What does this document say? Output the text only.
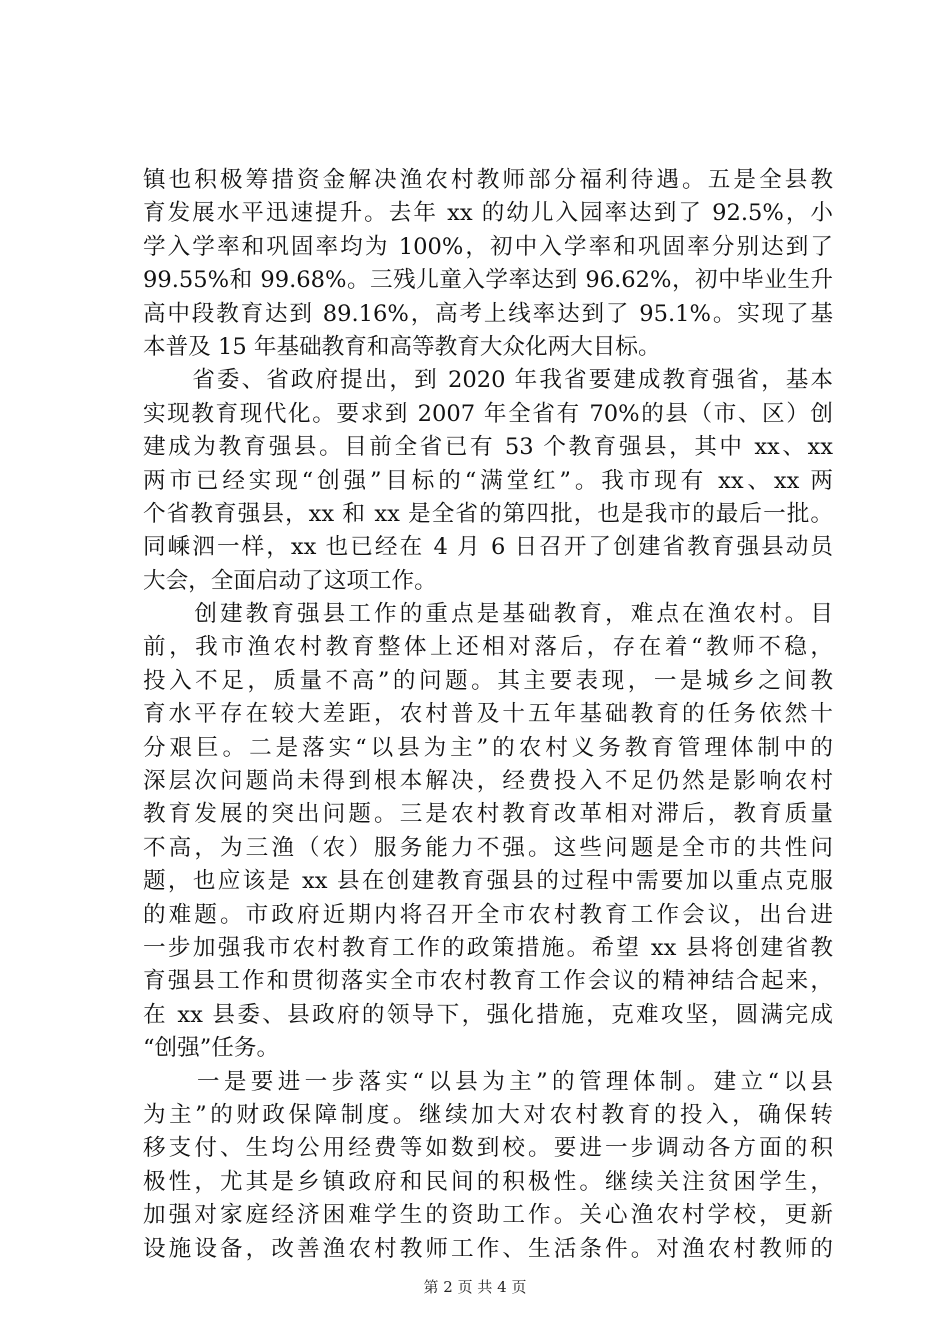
镇也积极筹措资金解决渔农村教师部分福利待遇。五是全县教
育发展水平迅速提升。去年 xx 的幼儿入园率达到了 92.5%，小
学入学率和巩固率均为 100%，初中入学率和巩固率分别达到了
99.55%和 99.68%。三残儿童入学率达到 96.62%，初中毕业生升
高中段教育达到 89.16%，高考上线率达到了 95.1%。实现了基
本普及 15 年基础教育和高等教育大众化两大目标。
　　省委、省政府提出，到 2020 年我省要建成教育强省，基本
实现教育现代化。要求到 2007 年全省有 70%的县（市、区）创
建成为教育强县。目前全省已有 53 个教育强县，其中 xx、xx
两市已经实现“创强”目标的“满堂红”。我市现有 xx、xx 两
个省教育强县，xx 和 xx 是全省的第四批，也是我市的最后一批。
同嵊泗一样，xx 也已经在 4 月 6 日召开了创建省教育强县动员
大会，全面启动了这项工作。
　　创建教育强县工作的重点是基础教育，难点在渔农村。目
前，我市渔农村教育整体上还相对落后，存在着“教师不稳，
投入不足，质量不高”的问题。其主要表现，一是城乡之间教
育水平存在较大差距，农村普及十五年基础教育的任务依然十
分艰巨。二是落实“以县为主”的农村义务教育管理体制中的
深层次问题尚未得到根本解决，经费投入不足仍然是影响农村
教育发展的突出问题。三是农村教育改革相对滞后，教育质量
不高，为三渔（农）服务能力不强。这些问题是全市的共性问
题，也应该是 xx 县在创建教育强县的过程中需要加以重点克服
的难题。市政府近期内将召开全市农村教育工作会议，出台进
一步加强我市农村教育工作的政策措施。希望 xx 县将创建省教
育强县工作和贯彻落实全市农村教育工作会议的精神结合起来，
在 xx 县委、县政府的领导下，强化措施，克难攻坚，圆满完成
“创强”任务。
　　一是要进一步落实“以县为主”的管理体制。建立“以县
为主”的财政保障制度。继续加大对农村教育的投入，确保转
移支付、生均公用经费等如数到校。要进一步调动各方面的积
极性，尤其是乡镇政府和民间的积极性。继续关注贫困学生，
加强对家庭经济困难学生的资助工作。关心渔农村学校，更新
设施设备，改善渔农村教师工作、生活条件。对渔农村教师的
第 2 页 共 4 页
